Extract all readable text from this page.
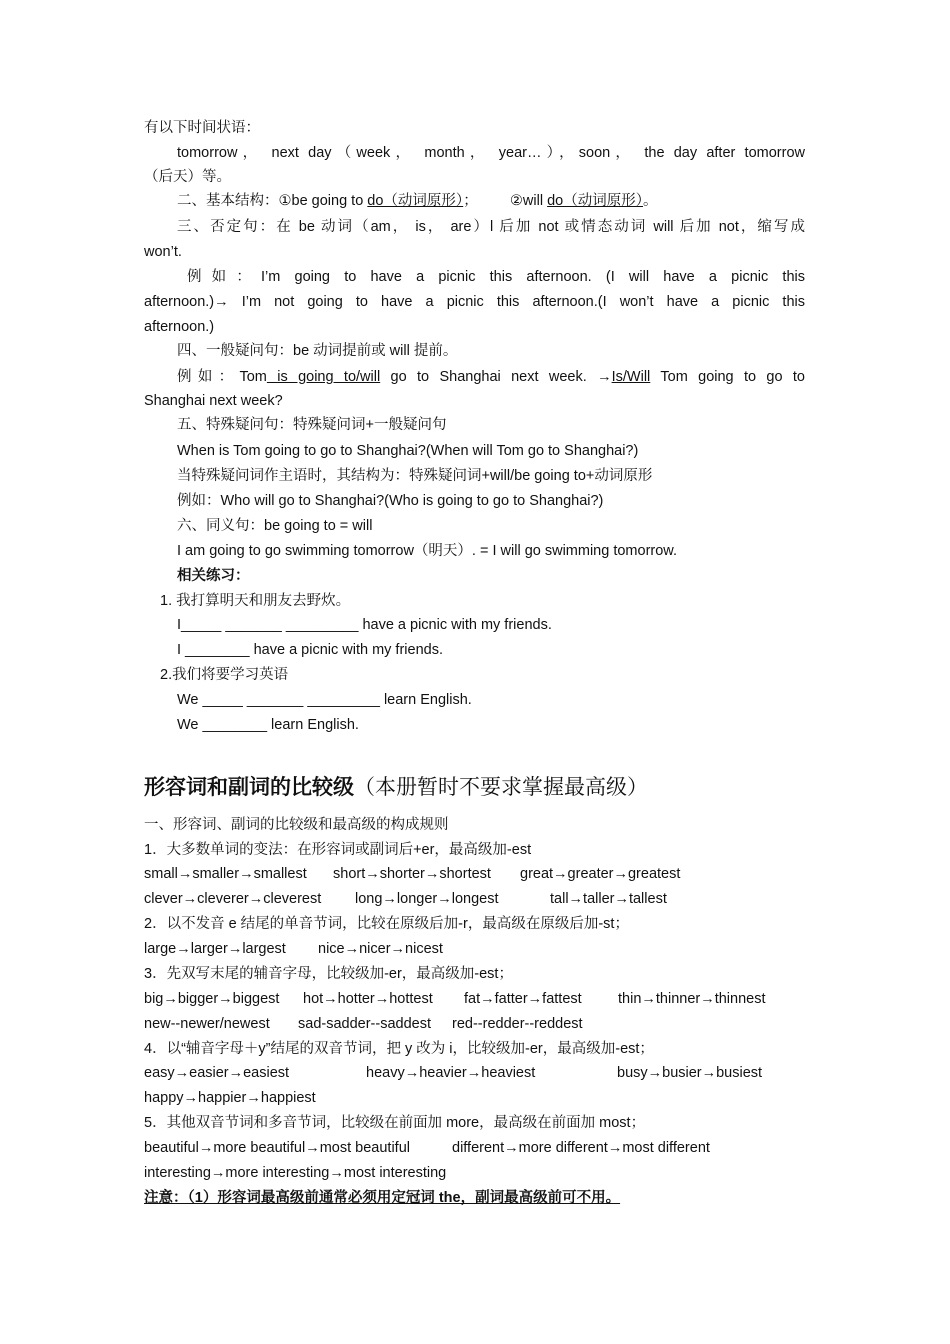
有以下时间状语：
tomorrow， next day（week， month， year…），soon， the day after tomorrow
（后天）等。
二、基本结构：①be going to do（动词原形）；        ②will do（动词原形）。
三、否定句：在 be 动词（am， is， are）l 后加 not 或情态动词 will 后加 not，缩写成
won’t.
例如：I’m going to have a picnic this afternoon. (I will have a picnic this
afternoon.)→ I’m not going to have a picnic this afternoon.(I won’t have a picnic this
afternoon.)
四、一般疑问句：be 动词提前或 will 提前。
例如：Tom is going to/will go to Shanghai next week. →Is/Will Tom going to go to
Shanghai next week?
五、特殊疑问句：特殊疑问词+一般疑问句
When is Tom going to go to Shanghai?(When will Tom go to Shanghai?)
当特殊疑问词作主语时，其结构为：特殊疑问词+will/be going to+动词原形
例如：Who will go to Shanghai?(Who is going to go to Shanghai?)
六、同义句：be going to = will
I am going to go swimming tomorrow（明天）. = I will go swimming tomorrow.
相关练习：
1. 我打算明天和朋友去野炊。
I_____ _______ _________ have a picnic with my friends.
I ________ have a picnic with my friends.
2.我们将要学习英语
We _____ _______ _________ learn English.
We ________ learn English.
形容词和副词的比较级（本册暂时不要求掌握最高级）
一、形容词、副词的比较级和最高级的构成规则
1．大多数单词的变法：在形容词或副词后+er，最高级加-est
small→smaller→smallest short→shorter→shortest great→greater→greatest
clever→cleverer→cleverest long→longer→longest	tall→taller→tallest
2．以不发音 e 结尾的单音节词，比较在原级后加-r，最高级在原级后加-st；
large→larger→largest nice→nicer→nicest
3．先双写末尾的辅音字母，比较级加-er，最高级加-est；
big→bigger→biggest hot→hotter→hottest fat→fatter→fattest	thin→thinner→thinnest
new--newer/newest sad-sadder--saddest red--redder--reddest
4．以“辅音字母＋y”结尾的双音节词，把 y 改为 i，比较级加-er，最高级加-est；
easy→easier→easiest	heavy→heavier→heaviest	busy→busier→busiest
happy→happier→happiest
5．其他双音节词和多音节词，比较级在前面加 more，最高级在前面加 most；
beautiful→more beautiful→most beautiful	different→more different→most different
interesting→more interesting→most interesting
注意：（1）形容词最高级前通常必须用定冠词 the，副词最高级前可不用。
